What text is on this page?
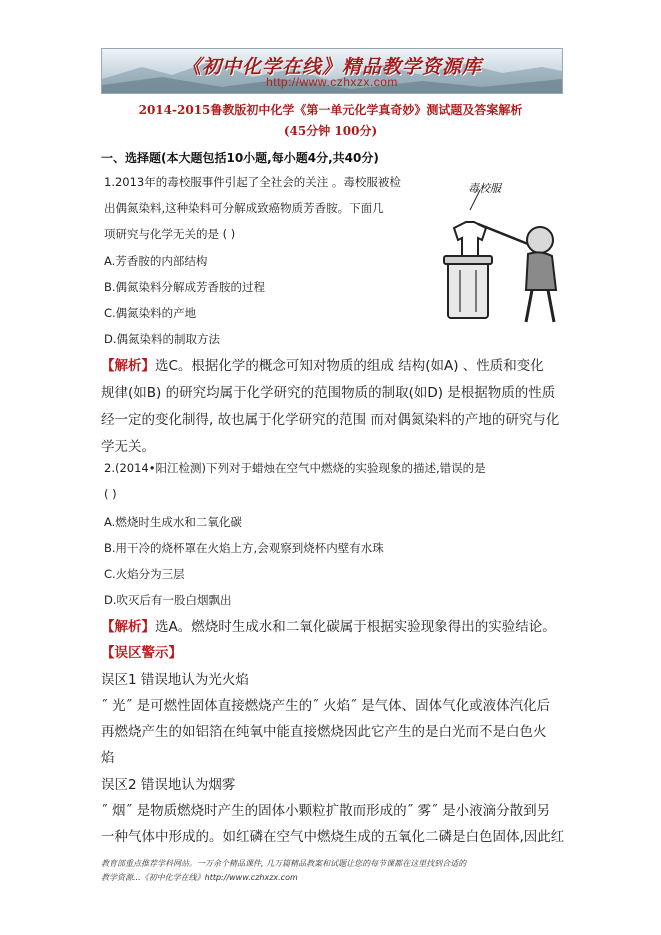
《初中化学在线》精品教学资源库
http://www.czhxzx.com
2014-2015鲁教版初中化学《第一单元化学真奇妙》测试题及答案解析
(45分钟 100分)
一、选择题(本大题包括10小题,每小题4分,共40分)
1.2013年的毒校服事件引起了全社会的关注 。毒校服被检
出偶氮染料,这种染料可分解成致癌物质芳香胺。下面几
项研究与化学无关的是 ( )
A.芳香胺的内部结构
B.偶氮染料分解成芳香胺的过程
C.偶氮染料的产地
D.偶氮染料的制取方法
毒校服
【解析】选C。根据化学的概念可知对物质的组成 结构(如A) 、性质和变化
规律(如B) 的研究均属于化学研究的范围物质的制取(如D) 是根据物质的性质
经一定的变化制得, 故也属于化学研究的范围 而对偶氮染料的产地的研究与化
学无关。
2.(2014•阳江检测)下列对于蜡烛在空气中燃烧的实验现象的描述,错误的是
( )
A.燃烧时生成水和二氧化碳
B.用干冷的烧杯罩在火焰上方,会观察到烧杯内壁有水珠
C.火焰分为三层
D.吹灭后有一股白烟飘出
【解析】选A。燃烧时生成水和二氧化碳属于根据实验现象得出的实验结论。
【误区警示】
误区1 错误地认为光火焰
˝ 光˝ 是可燃性固体直接燃烧产生的˝ 火焰˝ 是气体、固体气化或液体汽化后
再燃烧产生的如铝箔在纯氧中能直接燃烧因此它产生的是白光而不是白色火
焰
误区2 错误地认为烟雾
˝ 烟˝ 是物质燃烧时产生的固体小颗粒扩散而形成的˝ 雾˝ 是小液滴分散到另
一种气体中形成的。如红磷在空气中燃烧生成的五氧化二磷是白色固体,因此红
教育部重点推荐学科网站。一万余个精品课件, 几万篇精品教案和试题让您的每节课都在这里找到合适的
教学资源...《初中化学在线》http://www.czhxzx.com
